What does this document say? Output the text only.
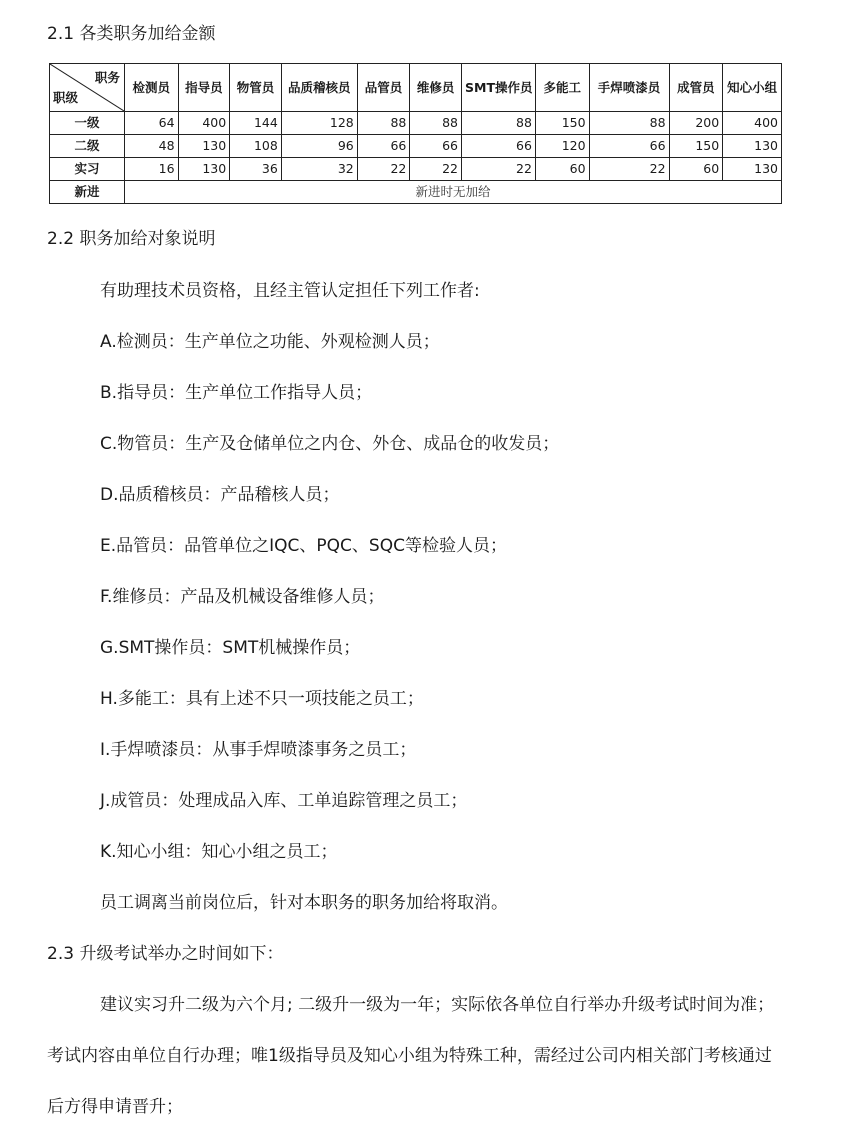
2.1 各类职务加给金额
职务
职级	检测员	指导员	物管员	品质稽核员	品管员	维修员	SMT操作员	多能工	手焊喷漆员	成管员	知心小组
一级	64	400	144	128	88	88	88	150	88	200	400
二级	48	130	108	96	66	66	66	120	66	150	130
实习	16	130	36	32	22	22	22	60	22	60	130
新进	新进时无加给										
2.2 职务加给对象说明
有助理技术员资格，且经主管认定担任下列工作者:
A.检测员：生产单位之功能、外观检测人员；
B.指导员：生产单位工作指导人员；
C.物管员：生产及仓储单位之内仓、外仓、成品仓的收发员；
D.品质稽核员：产品稽核人员；
E.品管员：品管单位之IQC、PQC、SQC等检验人员；
F.维修员：产品及机械设备维修人员；
G.SMT操作员：SMT机械操作员；
H.多能工：具有上述不只一项技能之员工；
I.手焊喷漆员：从事手焊喷漆事务之员工；
J.成管员：处理成品入库、工单追踪管理之员工；
K.知心小组：知心小组之员工；
员工调离当前岗位后，针对本职务的职务加给将取消。
2.3 升级考试举办之时间如下：
建议实习升二级为六个月; 二级升一级为一年；实际依各单位自行举办升级考试时间为准；
考试内容由单位自行办理；唯1级指导员及知心小组为特殊工种，需经过公司内相关部门考核通过
后方得申请晋升；
